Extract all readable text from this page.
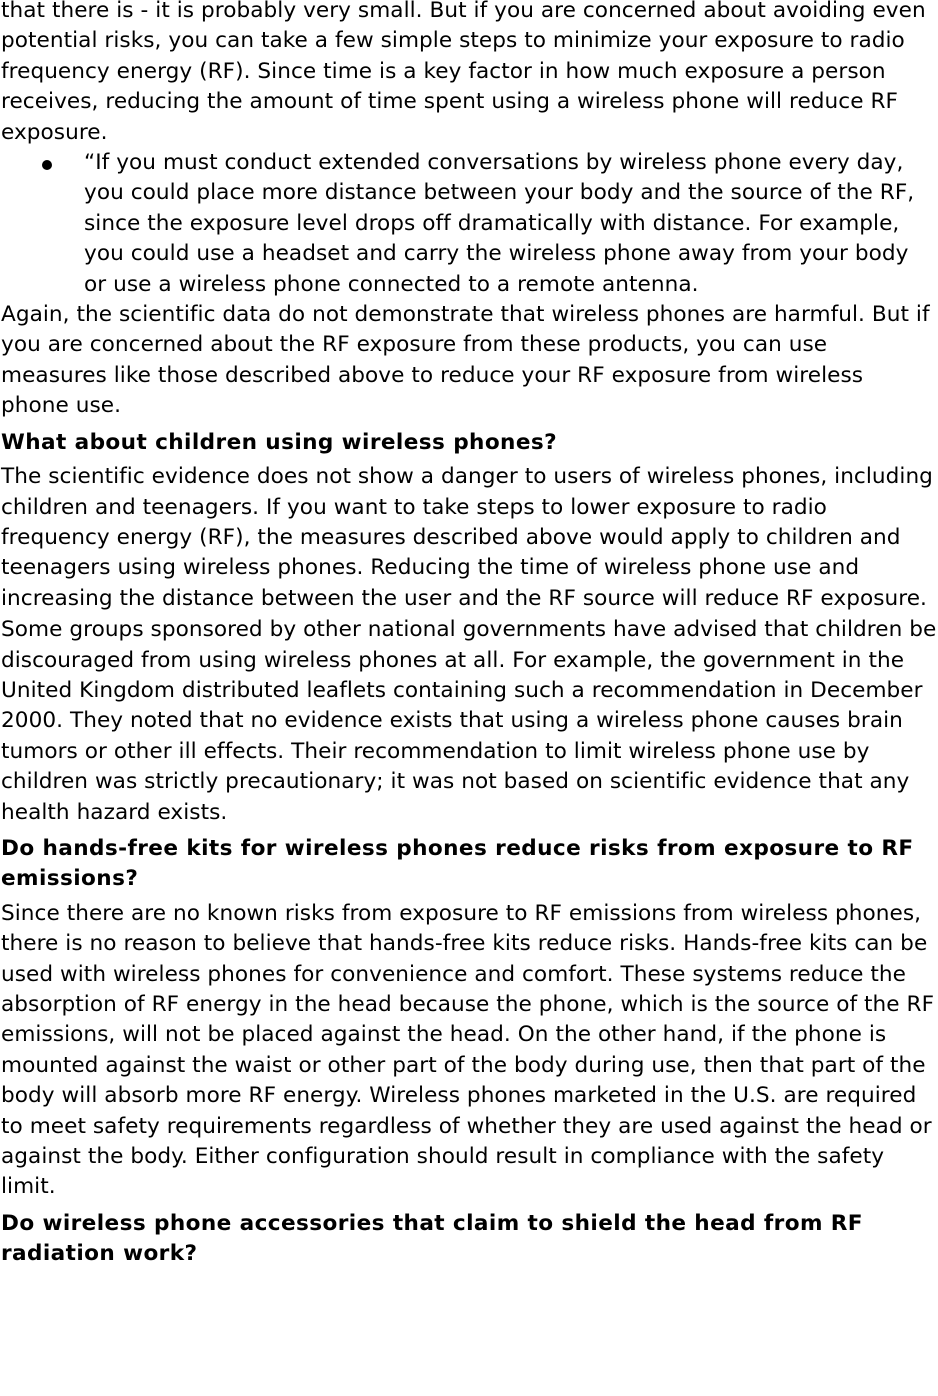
that there is - it is probably very small. But if you are concerned about avoiding even potential risks, you can take a few simple steps to minimize your exposure to radio frequency energy (RF). Since time is a key factor in how much exposure a person receives, reducing the amount of time spent using a wireless phone will reduce RF exposure.

“If you must conduct extended conversations by wireless phone every day, you could place more distance between your body and the source of the RF, since the exposure level drops off dramatically with distance. For example, you could use a headset and carry the wireless phone away from your body or use a wireless phone connected to a remote antenna.

Again, the scientific data do not demonstrate that wireless phones are harmful. But if you are concerned about the RF exposure from these products, you can use measures like those described above to reduce your RF exposure from wireless phone use.

What about children using wireless phones?

The scientific evidence does not show a danger to users of wireless phones, including children and teenagers. If you want to take steps to lower exposure to radio frequency energy (RF), the measures described above would apply to children and teenagers using wireless phones. Reducing the time of wireless phone use and increasing the distance between the user and the RF source will reduce RF exposure.

Some groups sponsored by other national governments have advised that children be discouraged from using wireless phones at all. For example, the government in the United Kingdom distributed leaflets containing such a recommendation in December 2000. They noted that no evidence exists that using a wireless phone causes brain tumors or other ill effects. Their recommendation to limit wireless phone use by children was strictly precautionary; it was not based on scientific evidence that any health hazard exists.

Do hands-free kits for wireless phones reduce risks from exposure to RF emissions?

Since there are no known risks from exposure to RF emissions from wireless phones, there is no reason to believe that hands-free kits reduce risks. Hands-free kits can be used with wireless phones for convenience and comfort. These systems reduce the absorption of RF energy in the head because the phone, which is the source of the RF emissions, will not be placed against the head. On the other hand, if the phone is mounted against the waist or other part of the body during use, then that part of the body will absorb more RF energy. Wireless phones marketed in the U.S. are required to meet safety requirements regardless of whether they are used against the head or against the body. Either configuration should result in compliance with the safety limit.

Do wireless phone accessories that claim to shield the head from RF radiation work?
